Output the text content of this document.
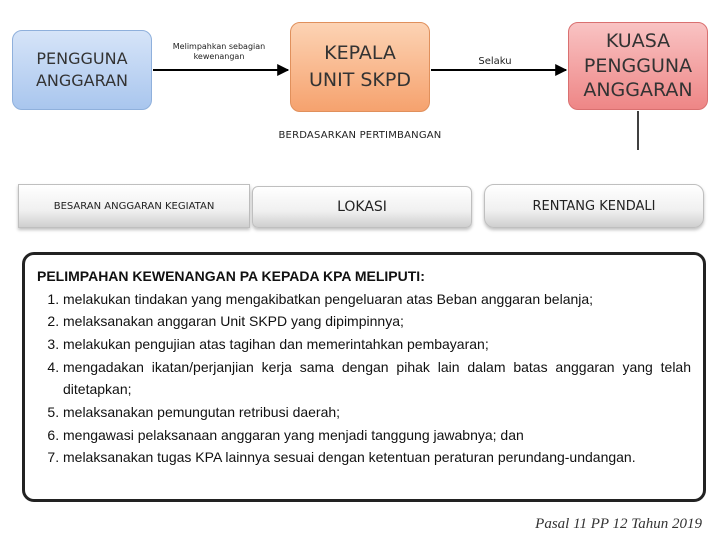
PENGGUNA
ANGGARAN
Melimpahkan sebagian
kewenangan	KEPALA
UNIT SKPD
Selaku
KUASA
PENGGUNA
ANGGARAN
BERDASARKAN PERTIMBANGAN
BESARAN ANGGARAN KEGIATAN	LOKASI	RENTANG KENDALI
PELIMPAHAN KEWENANGAN PA KEPADA KPA MELIPUTI:
1. melakukan tindakan yang mengakibatkan pengeluaran atas Beban anggaran belanja;
2. melaksanakan anggaran Unit SKPD yang dipimpinnya;
3. melakukan pengujian atas tagihan dan memerintahkan pembayaran;
4. mengadakan ikatan/perjanjian kerja sama dengan pihak lain dalam batas anggaran yang telah ditetapkan;
5. melaksanakan pemungutan retribusi daerah;
6. mengawasi pelaksanaan anggaran yang menjadi tanggung jawabnya; dan
7. melaksanakan tugas KPA lainnya sesuai dengan ketentuan peraturan perundang-undangan.
Pasal 11 PP 12 Tahun 2019
